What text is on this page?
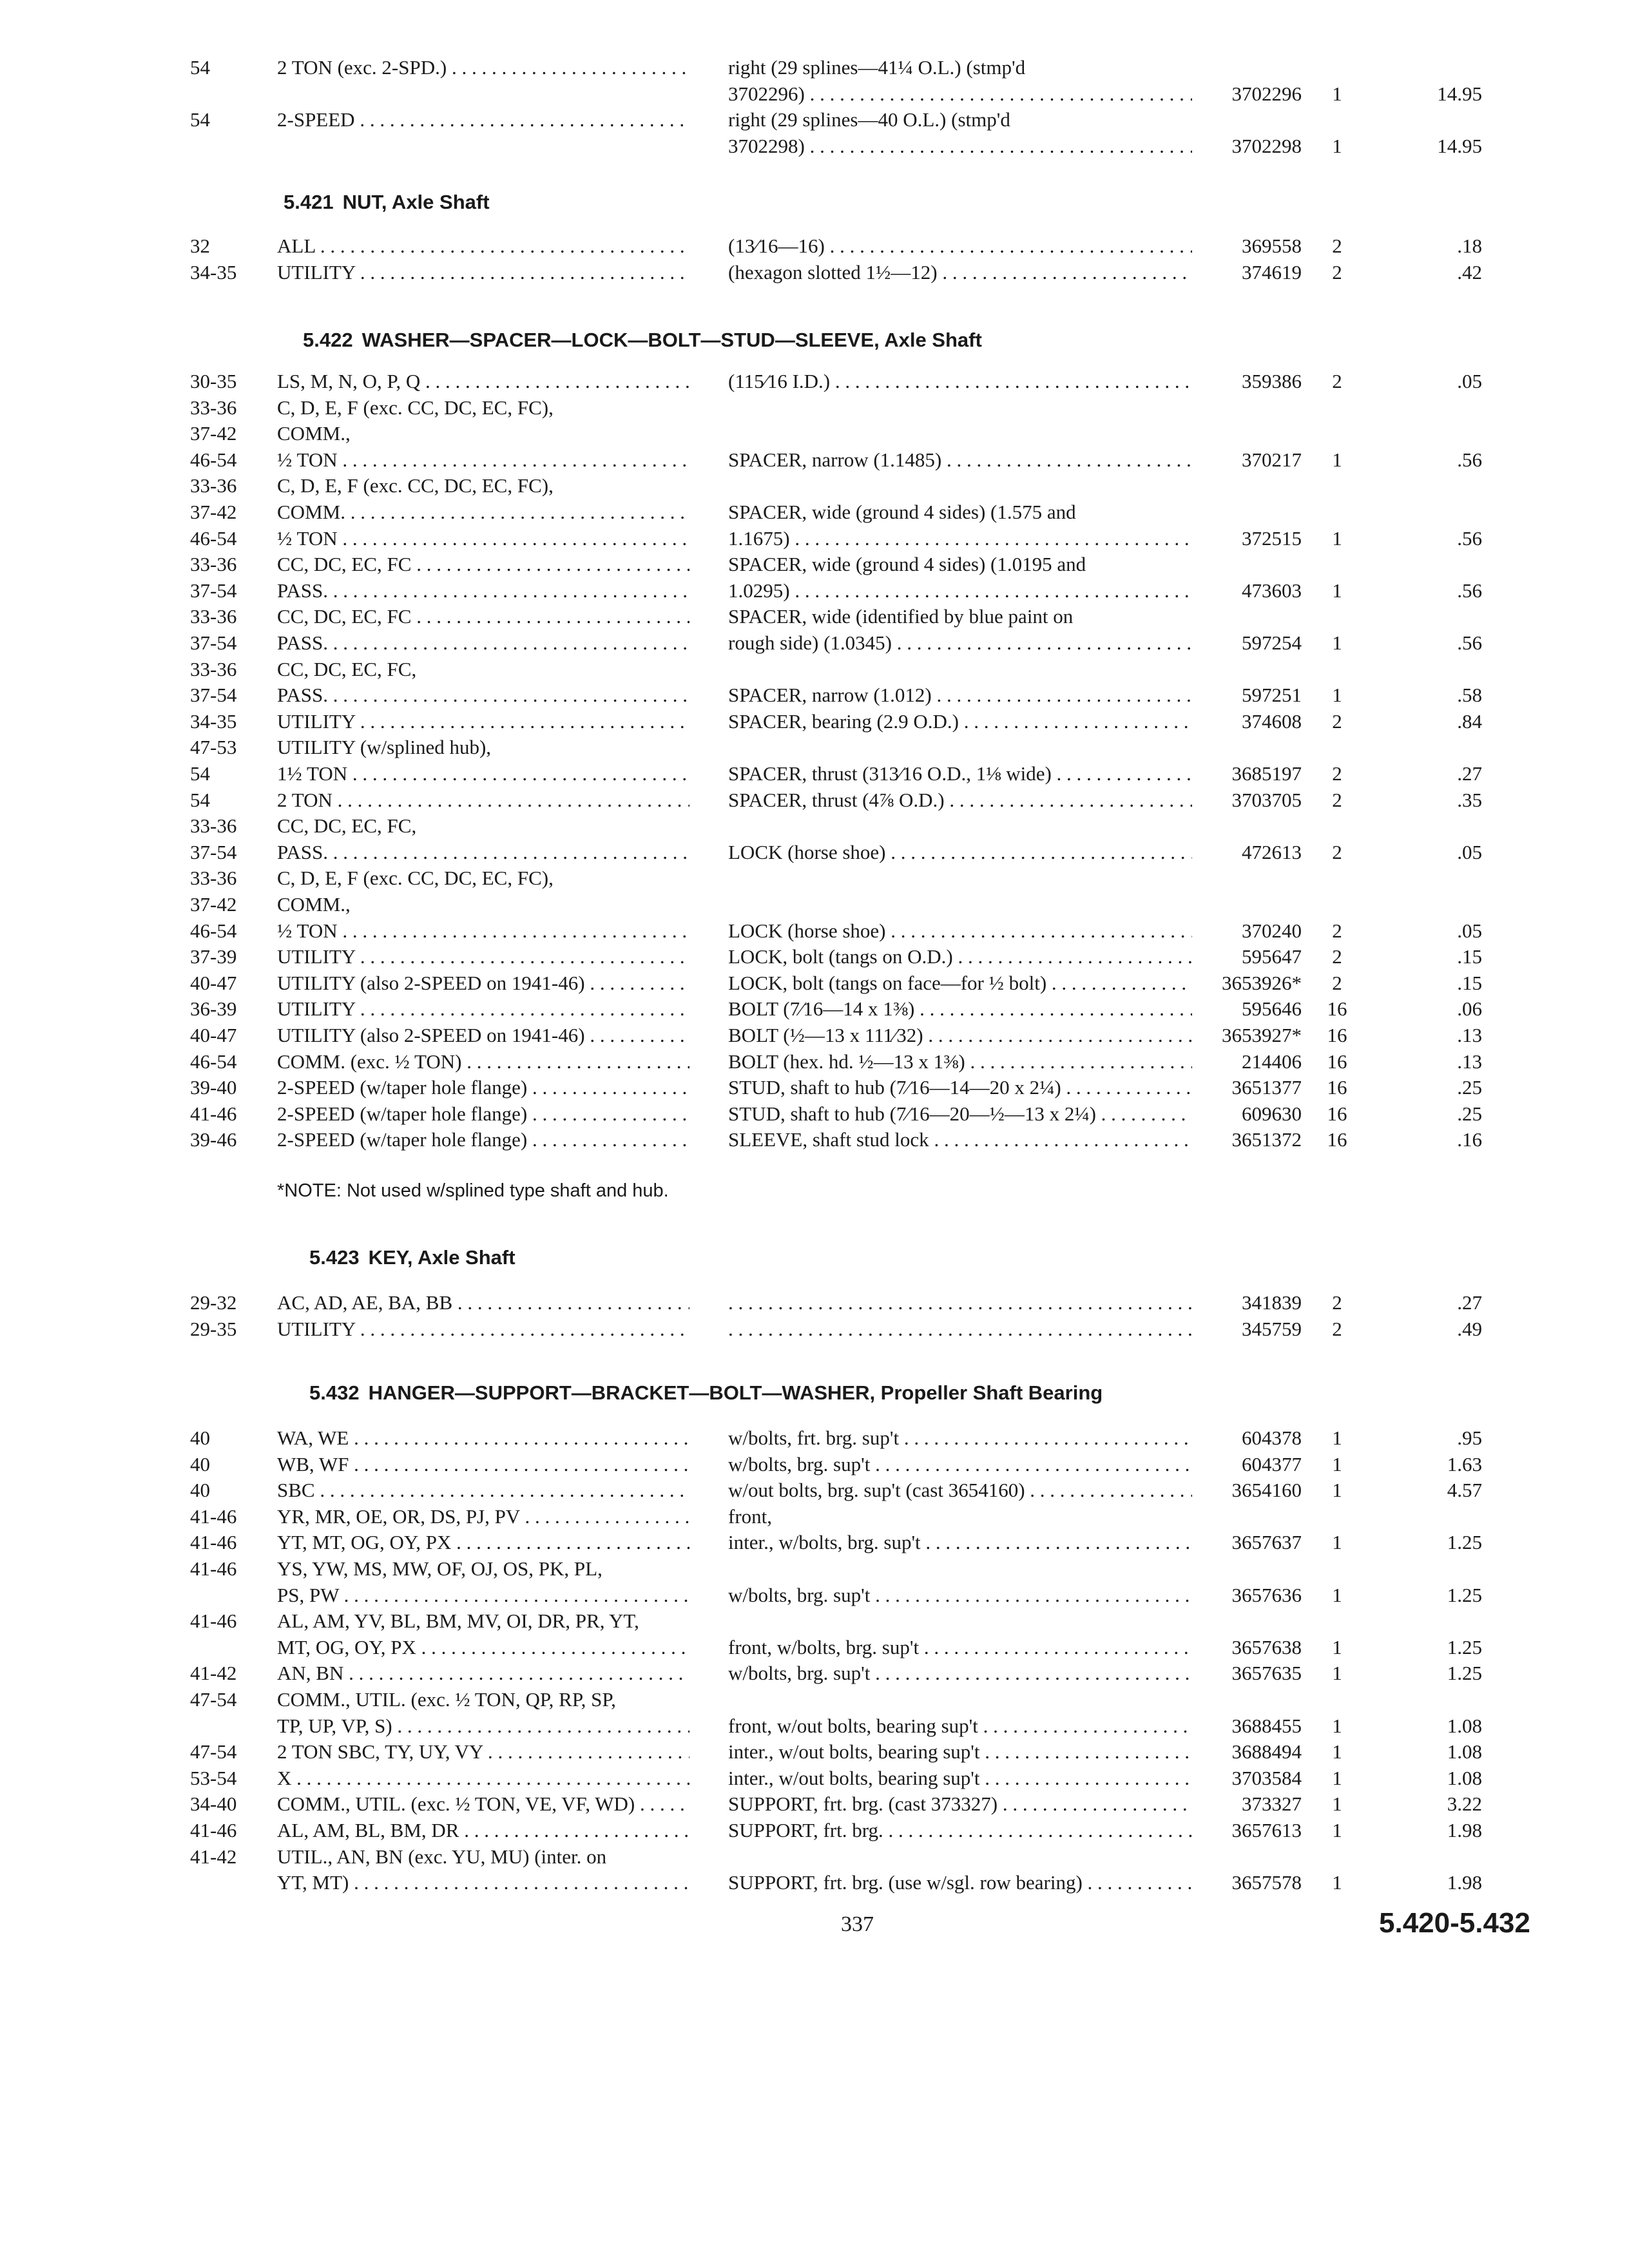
54	2 TON (exc. 2-SPD.) . . .	right (29 splines—41¼ O.L.) (stmp'd
3702296) . . .	3702296	1	14.95
54	2-SPEED . . .	right (29 splines—40 O.L.) (stmp'd
3702298) . . .	3702298	1	14.95
5.421 NUT, Axle Shaft
32	ALL . . .	(13⁄16—16) . . .	369558	2	.18
34-35	UTILITY . . .	(hexagon slotted 1½—12) . . .	374619	2	.42
5.422 WASHER—SPACER—LOCK—BOLT—STUD—SLEEVE, Axle Shaft
30-35	LS, M, N, O, P, Q . . .	(115⁄16 I.D.) . . .	359386	2	.05
33-36	C, D, E, F (exc. CC, DC, EC, FC),
37-42	COMM.,
46-54	½ TON . . .	SPACER, narrow (1.1485) . . .	370217	1	.56
33-36	C, D, E, F (exc. CC, DC, EC, FC),
37-42	COMM. . . .	SPACER, wide (ground 4 sides) (1.575 and
46-54	½ TON . . .	1.1675) . . .	372515	1	.56
33-36	CC, DC, EC, FC . . .	SPACER, wide (ground 4 sides) (1.0195 and
37-54	PASS. . . .	1.0295) . . .	473603	1	.56
33-36	CC, DC, EC, FC . . .	SPACER, wide (identified by blue paint on
37-54	PASS. . . .	rough side) (1.0345) . . .	597254	1	.56
33-36	CC, DC, EC, FC,
37-54	PASS. . . .	SPACER, narrow (1.012) . . .	597251	1	.58
34-35	UTILITY . . .	SPACER, bearing (2.9 O.D.) . . .	374608	2	.84
47-53	UTILITY (w/splined hub),
54	1½ TON . . .	SPACER, thrust (313⁄16 O.D., 1⅛ wide) . . .	3685197	2	.27
54	2 TON . . .	SPACER, thrust (4⅞ O.D.) . . .	3703705	2	.35
33-36	CC, DC, EC, FC,
37-54	PASS. . . .	LOCK (horse shoe) . . .	472613	2	.05
33-36	C, D, E, F (exc. CC, DC, EC, FC),
37-42	COMM.,
46-54	½ TON . . .	LOCK (horse shoe) . . .	370240	2	.05
37-39	UTILITY . . .	LOCK, bolt (tangs on O.D.) . . .	595647	2	.15
40-47	UTILITY (also 2-SPEED on 1941-46) . . .	LOCK, bolt (tangs on face—for ½ bolt) . . .	3653926*	2	.15
36-39	UTILITY . . .	BOLT (7⁄16—14 x 1⅜) . . .	595646 16	.06
40-47	UTILITY (also 2-SPEED on 1941-46) . . .	BOLT (½—13 x 111⁄32) . . .	3653927* 16	.13
46-54	COMM. (exc. ½ TON) . . .	BOLT (hex. hd. ½—13 x 1⅜) . . .	214406 16	.13
39-40	2-SPEED (w/taper hole flange) . . .	STUD, shaft to hub (7⁄16—14—20 x 2¼) . . .	3651377 16	.25
41-46	2-SPEED (w/taper hole flange) . . .	STUD, shaft to hub (7⁄16—20—½—13 x 2¼) . . .	609630 16	.25
39-46	2-SPEED (w/taper hole flange) . . .	SLEEVE, shaft stud lock . . .	3651372 16	.16
*NOTE: Not used w/splined type shaft and hub.
5.423 KEY, Axle Shaft
29-32	AC, AD, AE, BA, BB . . . . . .	341839	2	.27
29-35	UTILITY . . . . . .	345759	2	.49
5.432 HANGER—SUPPORT—BRACKET—BOLT—WASHER, Propeller Shaft Bearing
40	WA, WE . . .	w/bolts, frt. brg. sup't . . .	604378	1	.95
40	WB, WF . . .	w/bolts, brg. sup't . . .	604377	1	1.63
40	SBC . . .	w/out bolts, brg. sup't (cast 3654160) . . .	3654160	1	4.57
41-46	YR, MR, OE, OR, DS, PJ, PV . . .	front,
41-46	YT, MT, OG, OY, PX . . .	inter., w/bolts, brg. sup't . . .	3657637	1	1.25
41-46	YS, YW, MS, MW, OF, OJ, OS, PK, PL,
PS, PW . . .	w/bolts, brg. sup't . . .	3657636	1	1.25
41-46	AL, AM, YV, BL, BM, MV, OI, DR, PR, YT,
MT, OG, OY, PX . . .	front, w/bolts, brg. sup't . . .	3657638	1	1.25
41-42	AN, BN . . .	w/bolts, brg. sup't . . .	3657635	1	1.25
47-54	COMM., UTIL. (exc. ½ TON, QP, RP, SP,
TP, UP, VP, S) . . .	front, w/out bolts, bearing sup't . . .	3688455	1	1.08
47-54	2 TON SBC, TY, UY, VY . . .	inter., w/out bolts, bearing sup't . . .	3688494	1	1.08
53-54	X . . .	inter., w/out bolts, bearing sup't . . .	3703584	1	1.08
34-40	COMM., UTIL. (exc. ½ TON, VE, VF, WD) . . .	SUPPORT, frt. brg. (cast 373327) . . .	373327	1	3.22
41-46	AL, AM, BL, BM, DR . . .	SUPPORT, frt. brg. . . .	3657613	1	1.98
41-42	UTIL., AN, BN (exc. YU, MU) (inter. on
YT, MT) . . .	SUPPORT, frt. brg. (use w/sgl. row bearing) . . .	3657578	1	1.98
337	5.420-5.432
